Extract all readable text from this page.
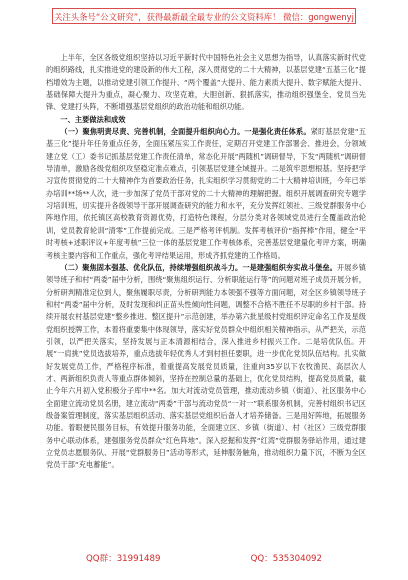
关注头条号“公文研究”，获得最新最全最专业的公文资料库！ 微信：gongwenyj

上半年，全区各级党组织坚持以习近平新时代中国特色社会主义思想为指导，认真落实新时代党的组织路线，扎实推进党的建设新的伟大工程，深入贯彻党的二十大精神，以基层党建“五基三化”提档增效为主题，以推动党建引领工作提升、“两个覆盖”大提升、能力素质大提升、数字赋能大提升、基础保障大提升为重点，凝心聚力、攻坚克难，大胆创新、狠抓落实，推动组织强堡全、党员当先锋、党建打头阵，不断增强基层党组织的政治功能和组织功能。

一、主要做法和成效

（一）聚焦明责尽责、完善机制，全面提升组织向心力。一是强化责任体系。紧盯基层党建“五基三化”提升年任务重点任务，全面压紧压实工作责任，定期召开党建工作部署会、推进会，分领域建立党（工）委书记抓基层党建工作责任清单，常态化开展“两随机”调研督导，下发“两随机”调研督导清单，激励各级党组织攻坚稳定准点难点，引领基层党建全域提升。二是筑牢思想根基。坚持把学习宣传贯彻党的二十大精神作为首要政治任务，扎实组织学习贯彻党的二十大精神培训班，今年已举办培训**场**人次，进一步加深了党员干部对党的二十大精神的理解把握。组织开展调查研究专题学习培训班，切实提升各级领导干部开展调查研究的能力和水平，充分发挥红领社、三级党群服务中心阵地作用，依托镇区高校教育资源优势，打造特色课程，分层分类对各领域党员进行全覆盖政治轮训，党员教育轮训“清零”工作提前完成。三是严格考评机制。发挥考核评价“指挥棒”作用，健全“平时考核+述职评议+年度考核”三位一体的基层党建工作考核体系，完善基层党建量化考评方案，明确考核主要内容和工作重点，强化考评结果运用，形成齐抓党建的工作格局。

（二）聚焦固本强基、优化队伍，持续增强组织战斗力。一是建强组织夯实战斗堡垒。开展乡镇领导班子和村“两委”届中分析，围绕“聚焦组织运行、分析职能运行等”的问题对班子成员开展分析，分析研判精准定位到人，聚焦履职尽责，分析研判能力本领强不强等方面问题，对全区乡镇领导班子和村“两委”届中分析，及时发现和纠正苗头性倾向性问题，调整不合格不胜任不尽职的乡村干部。持续开展农村基层党建“整乡推进、整区提升”示范创建，举办第六批星级村党组织评定命名工作及星级党组织授牌工作，本着将重要集中体现领导，落实好党员群众中组织相关精神指示，从严把关，示范引领，以严把关落实，坚持发展与正本清源相结合，深入推进乡村振兴工作。二是培优队伍。开展“一肩挑”党员选拔培养，重点选拔年轻优秀人才到村担任要职，进一步优化党员队伍结构。扎实做好发展党员工作，严格程序标准，着重提高发展党员质量，注重向35岁以下农牧渔民、高层次人才、两新组织负责人等重点群体倾斜，坚持在控制总量的基础上，优化党员结构，提高党员质量，截止今年六月初入党积极分子库中**名。加大对流动党员管理，推动流动乡镇（街道）、社区服务中心全面建立流动党员名册，建立流动“两委”干部与流动党员“一对一”联系服务机制，完善村组织书记区级备案管理制度，落实基层组织活动、落实基层党组织后备人才培养储备。三是用好阵地，拓展服务功能。着眼便民服务目标，有效提升服务功能，全面建立区、乡镇（街道）、村（社区）三级党群服务中心联动体系，建强服务党员群众“红色阵地”。深入挖掘和发挥“红湾”党群服务驿站作用，通过建立党员志愿服务队、开展“党群服务日”活动等形式，延伸服务触角，推动组织力量下沉，不断为全区党员干部“充电蓄能”。

QQ群：31991489	QQ：535304092
